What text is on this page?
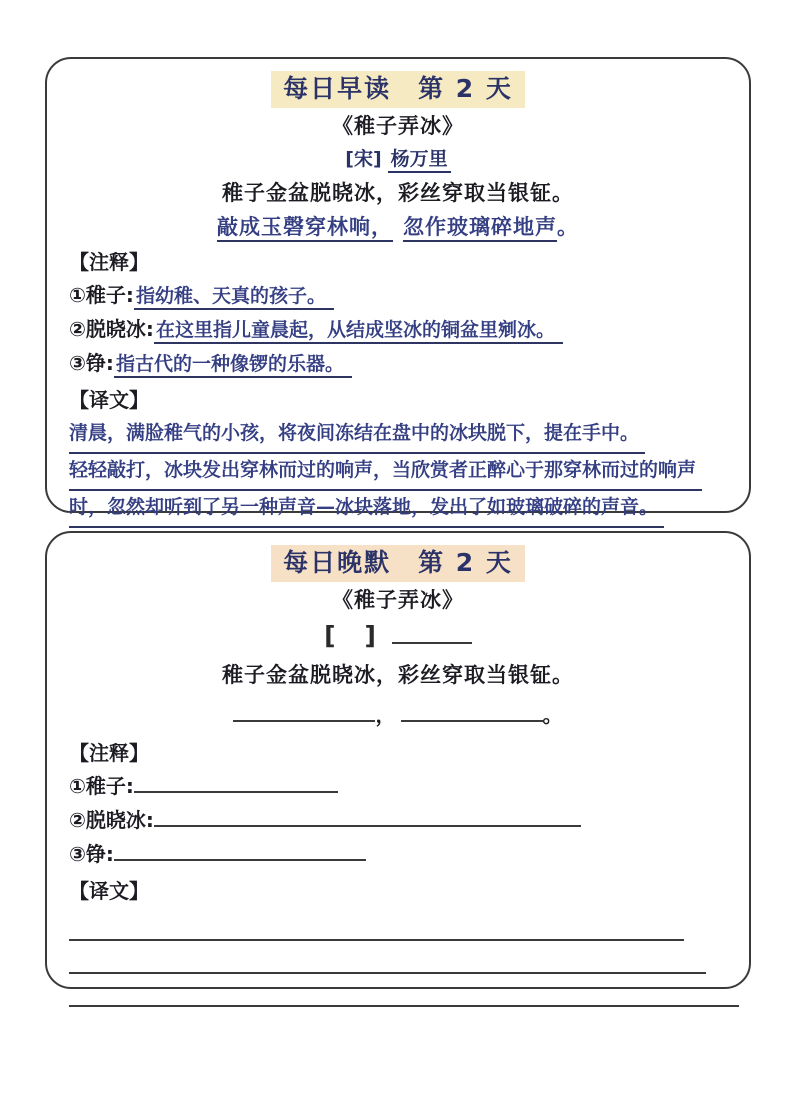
每日早读　第 2 天
《稚子弄冰》
[宋] 杨万里
稚子金盆脱晓冰，彩丝穿取当银钲。
敲成玉磬穿林响， 忽作玻璃碎地声。
【注释】
①稚子: 指幼稚、天真的孩子。
②脱晓冰: 在这里指儿童晨起，从结成坚冰的铜盆里剜冰。
③铮: 指古代的一种像锣的乐器。
【译文】
清晨，满脸稚气的小孩，将夜间冻结在盘中的冰块脱下，提在手中。
轻轻敲打，冰块发出穿林而过的响声，当欣赏者正醉心于那穿林而过的响声
时，忽然却听到了另一种声音—冰块落地，发出了如玻璃破碎的声音。
每日晚默　第 2 天
《稚子弄冰》
[　]
稚子金盆脱晓冰，彩丝穿取当银钲。
，	。
【注释】
①稚子:
②脱晓冰:
③铮:
【译文】
